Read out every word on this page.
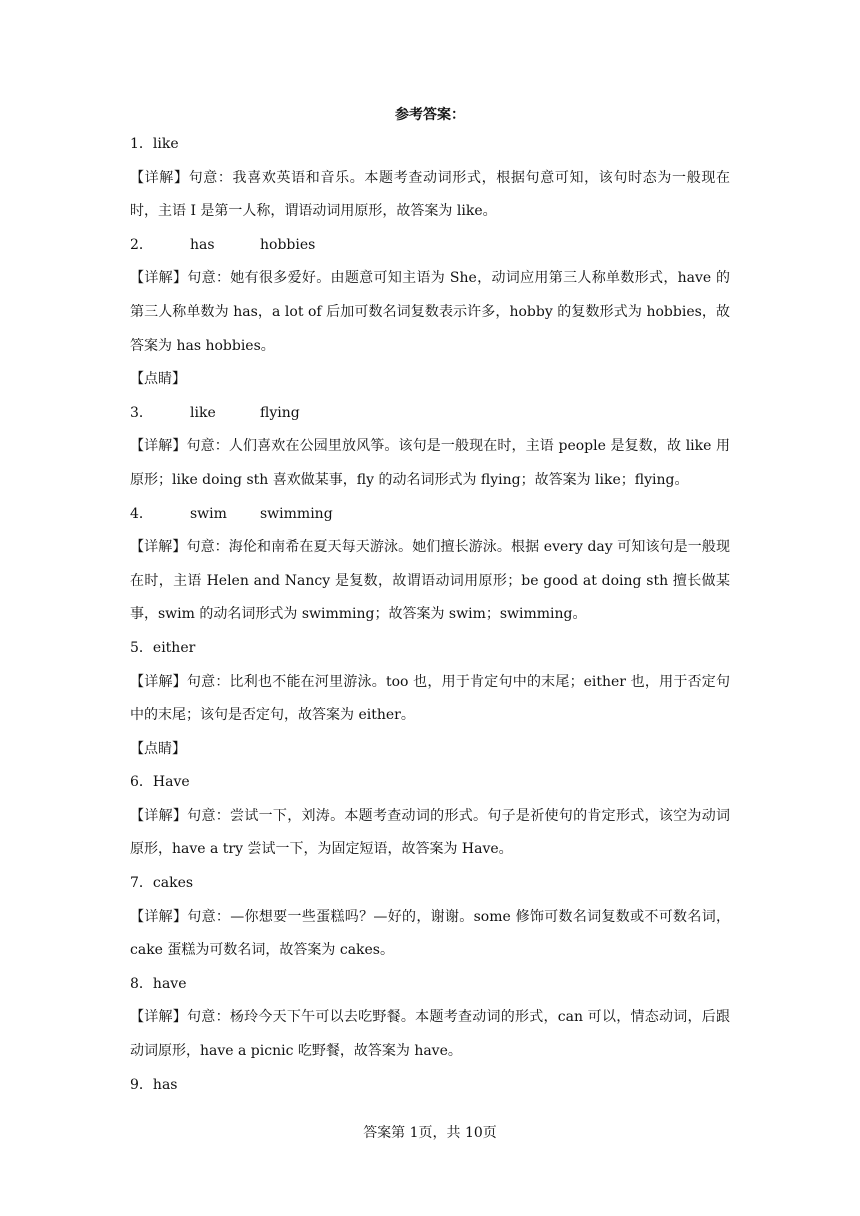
参考答案：

1．like

【详解】句意：我喜欢英语和音乐。本题考查动词形式，根据句意可知，该句时态为一般现在时，主语 I 是第一人称，谓语动词用原形，故答案为 like。

2．	has	hobbies

【详解】句意：她有很多爱好。由题意可知主语为 She，动词应用第三人称单数形式，have 的第三人称单数为 has，a lot of 后加可数名词复数表示许多，hobby 的复数形式为 hobbies，故答案为 has hobbies。

【点睛】

3．	like	flying

【详解】句意：人们喜欢在公园里放风筝。该句是一般现在时，主语 people 是复数，故 like 用原形；like doing sth 喜欢做某事，fly 的动名词形式为 flying；故答案为 like；flying。

4．	swim swimming

【详解】句意：海伦和南希在夏天每天游泳。她们擅长游泳。根据 every day 可知该句是一般现在时，主语 Helen and Nancy 是复数，故谓语动词用原形；be good at doing sth 擅长做某事，swim 的动名词形式为 swimming；故答案为 swim；swimming。

5．either

【详解】句意：比利也不能在河里游泳。too 也，用于肯定句中的末尾；either 也，用于否定句中的末尾；该句是否定句，故答案为 either。

【点睛】

6．Have

【详解】句意：尝试一下，刘涛。本题考查动词的形式。句子是祈使句的肯定形式，该空为动词原形，have a try 尝试一下，为固定短语，故答案为 Have。

7．cakes

【详解】句意：—你想要一些蛋糕吗？—好的，谢谢。some 修饰可数名词复数或不可数名词，cake 蛋糕为可数名词，故答案为 cakes。

8．have

【详解】句意：杨玲今天下午可以去吃野餐。本题考查动词的形式，can 可以，情态动词，后跟动词原形，have a picnic 吃野餐，故答案为 have。

9．has

答案第 1页，共 10页
